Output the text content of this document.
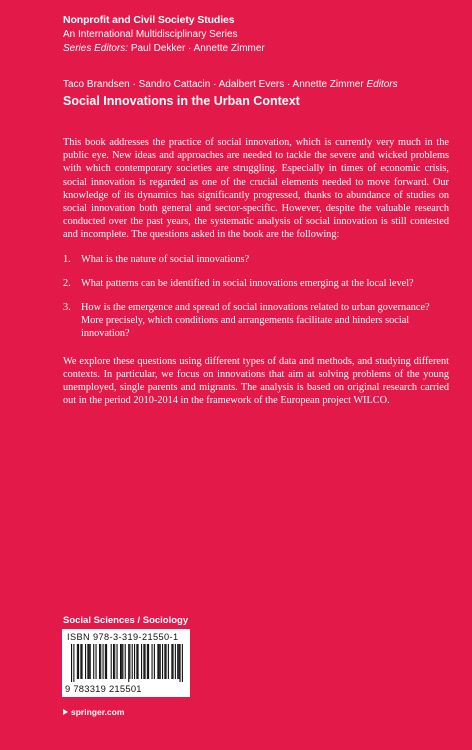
Nonprofit and Civil Society Studies
An International Multidisciplinary Series
Series Editors: Paul Dekker · Annette Zimmer
Taco Brandsen · Sandro Cattacin · Adalbert Evers · Annette Zimmer Editors
Social Innovations in the Urban Context

This book addresses the practice of social innovation, which is currently very much in the public eye. New ideas and approaches are needed to tackle the severe and wicked problems with which contemporary societies are struggling. Especially in times of economic crisis, social innovation is regarded as one of the crucial elements needed to move forward. Our knowledge of its dynamics has significantly progressed, thanks to abundance of studies on social innovation both general and sector-specific. However, despite the valuable research conducted over the past years, the systematic analysis of social innovation is still contested and incomplete. The questions asked in the book are the following:

1. What is the nature of social innovations?
2. What patterns can be identified in social innovations emerging at the local level?
3. How is the emergence and spread of social innovations related to urban governance? More precisely, which conditions and arrangements facilitate and hinders social innovation?

We explore these questions using different types of data and methods, and studying different contexts. In particular, we focus on innovations that aim at solving problems of the young unemployed, single parents and migrants. The analysis is based on original research carried out in the period 2010-2014 in the framework of the European project WILCO.

Social Sciences / Sociology
ISBN 978-3-319-21550-1
9 783319 215501
springer.com
